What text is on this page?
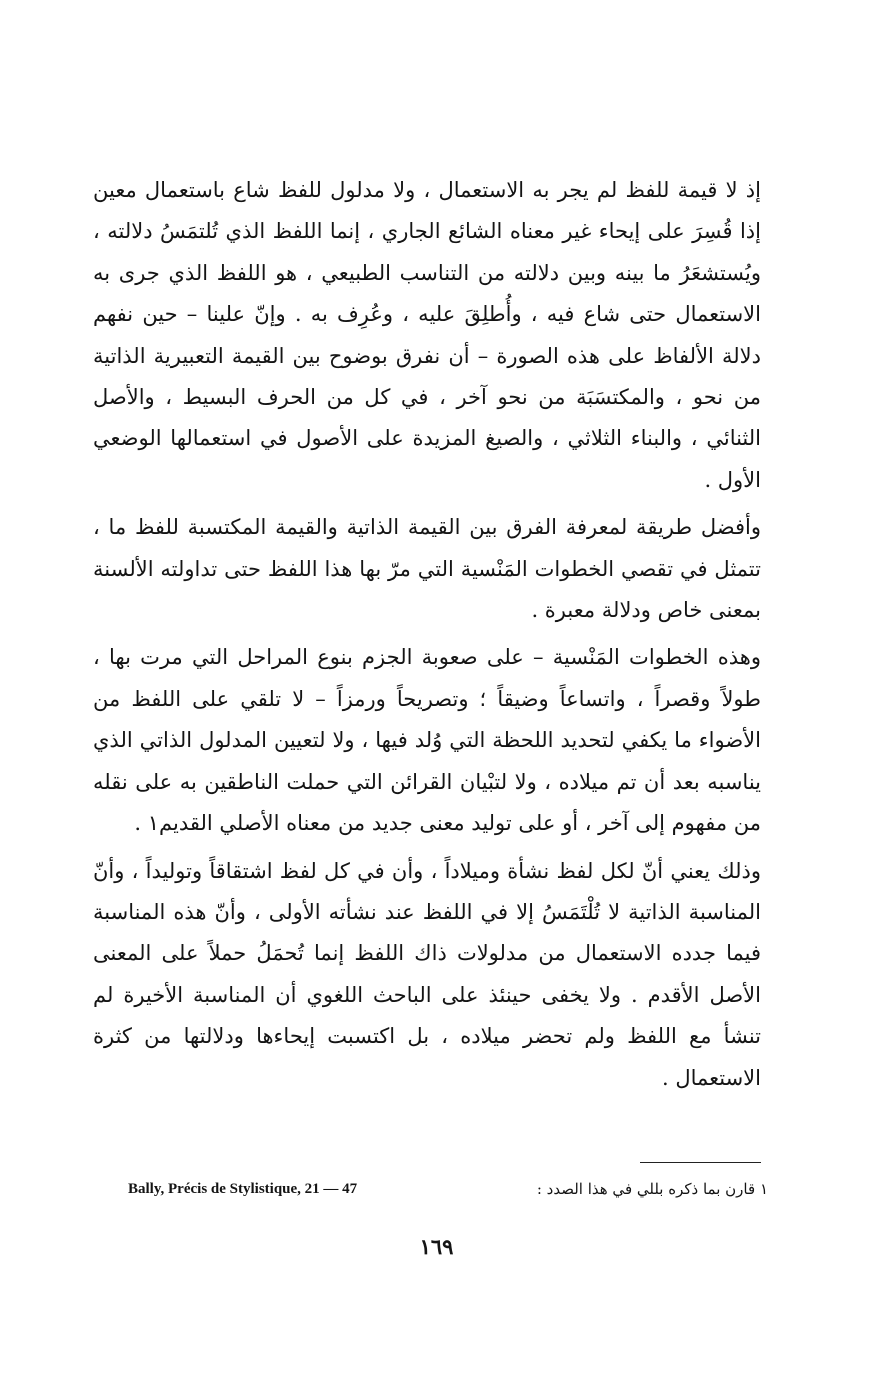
إذ لا قيمة للفظ لم يجر به الاستعمال ، ولا مدلول للفظ شاع باستعمال معين إذا قُسِرَ على إيحاء غير معناه الشائع الجاري ، إنما اللفظ الذي تُلتمَسُ دلالته ، ويُستشعَرُ ما بينه وبين دلالته من التناسب الطبيعي ، هو اللفظ الذي جرى به الاستعمال حتى شاع فيه ، وأُطلِقَ عليه ، وعُرِف به . وإنّ علينا – حين نفهم دلالة الألفاظ على هذه الصورة – أن نفرق بوضوح بين القيمة التعبيرية الذاتية من نحو ، والمكتسَبَة من نحو آخر ، في كل من الحرف البسيط ، والأصل الثنائي ، والبناء الثلاثي ، والصيغ المزيدة على الأصول في استعمالها الوضعي الأول .

وأفضل طريقة لمعرفة الفرق بين القيمة الذاتية والقيمة المكتسبة للفظ ما ، تتمثل في تقصي الخطوات المَنْسية التي مرّ بها هذا اللفظ حتى تداولته الألسنة بمعنى خاص ودلالة معبرة .

وهذه الخطوات المَنْسية – على صعوبة الجزم بنوع المراحل التي مرت بها ، طولاً وقصراً ، واتساعاً وضيقاً ؛ وتصريحاً ورمزاً – لا تلقي على اللفظ من الأضواء ما يكفي لتحديد اللحظة التي وُلد فيها ، ولا لتعيين المدلول الذاتي الذي يناسبه بعد أن تم ميلاده ، ولا لتبْيان القرائن التي حملت الناطقين به على نقله من مفهوم إلى آخر ، أو على توليد معنى جديد من معناه الأصلي القديم١ .

وذلك يعني أنّ لكل لفظ نشأة وميلاداً ، وأن في كل لفظ اشتقاقاً وتوليداً ، وأنّ المناسبة الذاتية لا تُلْتَمَسُ إلا في اللفظ عند نشأته الأولى ، وأنّ هذه المناسبة فيما جدده الاستعمال من مدلولات ذاك اللفظ إنما تُحمَلُ حملاً على المعنى الأصل الأقدم . ولا يخفى حينئذ على الباحث اللغوي أن المناسبة الأخيرة لم تنشأ مع اللفظ ولم تحضر ميلاده ، بل اكتسبت إيحاءها ودلالتها من كثرة الاستعمال .

١ قارن بما ذكره بللي في هذا الصدد :
Bally, Précis de Stylistique, 21 — 47
١٦٩
